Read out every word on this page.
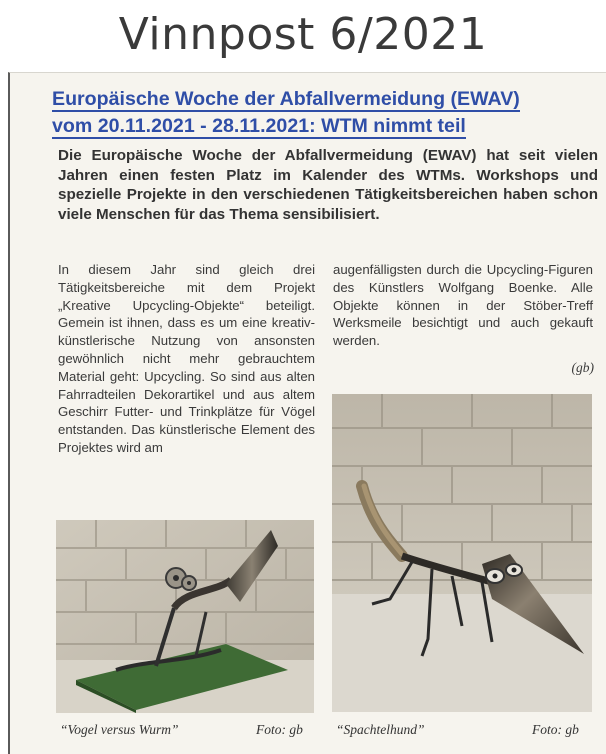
Vinnpost 6/2021
Europäische Woche der Abfallvermeidung (EWAV)
vom 20.11.2021 - 28.11.2021: WTM nimmt teil
Die Europäische Woche der Abfallvermeidung (EWAV) hat seit vielen Jahren einen festen Platz im Kalender des WTMs. Workshops und spezielle Projekte in den verschiedenen Tätigkeitsbereichen haben schon viele Menschen für das Thema sensibilisiert.
In diesem Jahr sind gleich drei Tätigkeitsbereiche mit dem Projekt „Kreative Upcycling-Objekte“ beteiligt. Gemein ist ihnen, dass es um eine kreativ-künstlerische Nutzung von ansonsten gewöhnlich nicht mehr gebrauchtem Material geht: Upcycling. So sind aus alten Fahrradteilen Dekorartikel und aus altem Geschirr Futter- und Trinkplätze für Vögel entstanden. Das künstlerische Element des Projektes wird am
augenfälligsten durch die Upcycling-Figuren des Künstlers Wolfgang Boenke. Alle Objekte können in der Stöber-Treff Werksmeile besichtigt und auch gekauft werden.
(gb)
“Vogel versus Wurm”	Foto: gb “Spachtelhund”	Foto: gb
